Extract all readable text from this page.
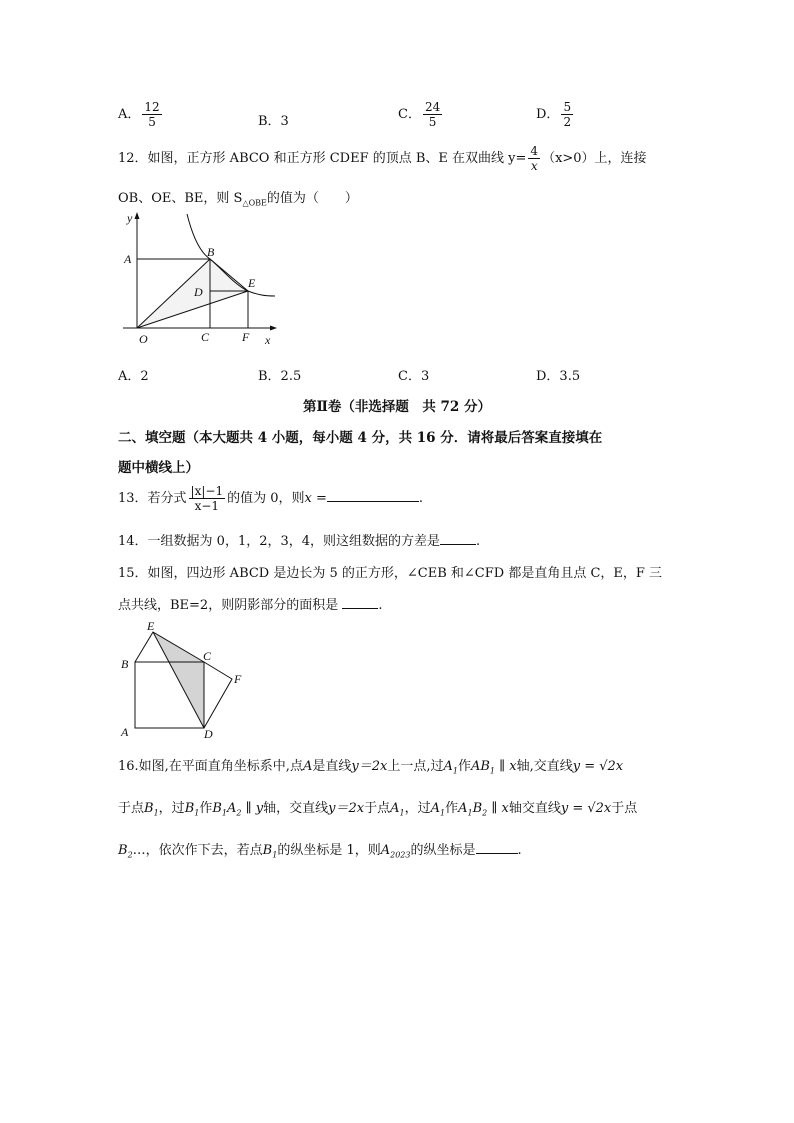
A． $\frac{12}{5}$	B．3	C． $\frac{24}{5}$	D． $\frac{5}{2}$
12．如图，正方形 ABCO 和正方形 CDEF 的顶点 B、E 在双曲线 $y= \frac{4}{x} (x>0)$上，连接
OB、OE、BE，则 $S_{\triangle OBE}$的值为（　　）
y
A	B
D
E
O	C	F x
A．2	B．2.5	C．3	D．3.5
第Ⅱ卷（非选择题　共 72 分）
二、填空题（本大题共 4 小题，每小题 4 分，共 16 分．请将最后答案直接填在
题中横线上）
13．若分式 $\frac{|x|-1}{x-1}$ 的值为 0，则x =	.
14．一组数据为 0，1，2，3，4，则这组数据的方差是	.
15．如图，四边形 ABCD 是边长为 5 的正方形，∠CEB 和∠CFD 都是直角且点 C，E，F 三
点共线，BE=2，则阴影部分的面积是	.
E
B
C
F
A	D
16.如图,在平面直角坐标系中,点A是直线y＝2x上一点,过$A_1$作$AB_1$ ∥ x轴,交直线y = √2x
于点$B_1$，过$B_1$作$B_1A_2$ ∥ y轴，交直线y＝2x于点$A_1$，过$A_1$作$A_1B_2$ ∥ x轴交直线y = √2x于点
$B_2\dots$，依次作下去，若点$B_1$的纵坐标是 1，则$A_{2023}$的纵坐标是	.
